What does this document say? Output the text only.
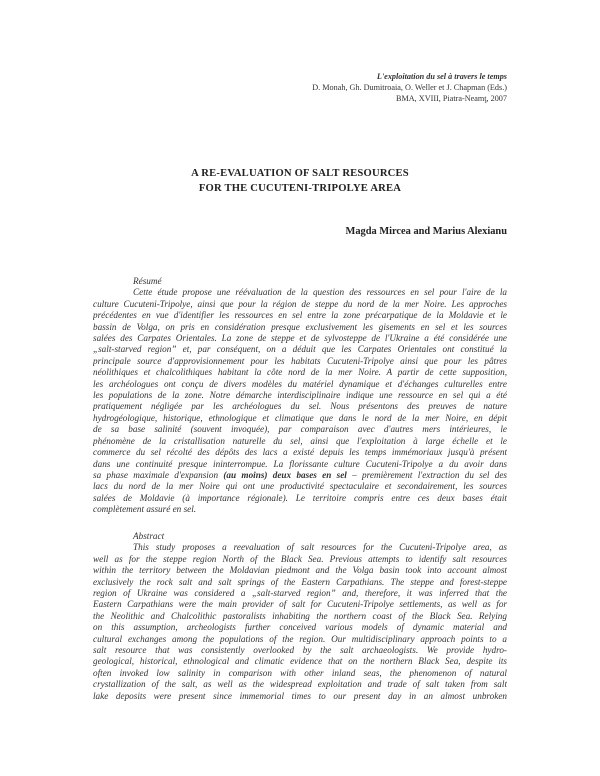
L'exploitation du sel à travers le temps
D. Monah, Gh. Dumitroaia, O. Weller et J. Chapman (Eds.)
BMA, XVIII, Piatra-Neamţ, 2007
A RE-EVALUATION OF SALT RESOURCES
FOR THE CUCUTENI-TRIPOLYE AREA
Magda Mircea and Marius Alexianu
Résumé
Cette étude propose une réévaluation de la question des ressources en sel pour l'aire de la
culture Cucuteni-Tripolye, ainsi que pour la région de steppe du nord de la mer Noire. Les approches
précédentes en vue d'identifier les ressources en sel entre la zone précarpatique de la Moldavie et le
bassin de Volga, on pris en considération presque exclusivement les gisements en sel et les sources
salées des Carpates Orientales. La zone de steppe et de sylvosteppe de l'Ukraine a été considérée une
„salt-starved region” et, par conséquent, on a déduit que les Carpates Orientales ont constitué la
principale source d'approvisionnement pour les habitats Cucuteni-Tripolye ainsi que pour les pâtres
néolithiques et chalcolithiques habitant la côte nord de la mer Noire. A partir de cette supposition,
les archéologues ont conçu de divers modèles du matériel dynamique et d'échanges culturelles entre
les populations de la zone. Notre démarche interdisciplinaire indique une ressource en sel qui a été
pratiquement négligée par les archéologues du sel. Nous présentons des preuves de nature
hydrogéologique, historique, ethnologique et climatique que dans le nord de la mer Noire, en dépit
de sa base salinité (souvent invoquée), par comparaison avec d'autres mers intérieures, le
phénomène de la cristallisation naturelle du sel, ainsi que l'exploitation à large échelle et le
commerce du sel récolté des dépôts des lacs a existé depuis les temps immémoriaux jusqu'à présent
dans une continuité presque ininterrompue. La florissante culture Cucuteni-Tripolye a du avoir dans
sa phase maximale d'expansion (au moins) deux bases en sel – premièrement l'extraction du sel des
lacs du nord de la mer Noire qui ont une productivité spectaculaire et secondairement, les sources
salées de Moldavie (à importance régionale). Le territoire compris entre ces deux bases était
complètement assuré en sel.
Abstract
This study proposes a reevaluation of salt resources for the Cucuteni-Tripolye area, as
well as for the steppe region North of the Black Sea. Previous attempts to identify salt resources
within the territory between the Moldavian piedmont and the Volga basin took into account almost
exclusively the rock salt and salt springs of the Eastern Carpathians. The steppe and forest-steppe
region of Ukraine was considered a „salt-starved region” and, therefore, it was inferred that the
Eastern Carpathians were the main provider of salt for Cucuteni-Tripolye settlements, as well as for
the Neolithic and Chalcolithic pastoralists inhabiting the northern coast of the Black Sea. Relying
on this assumption, archeologists further conceived various models of dynamic material and
cultural exchanges among the populations of the region. Our multidisciplinary approach points to a
salt resource that was consistently overlooked by the salt archaeologists. We provide hydro-
geological, historical, ethnological and climatic evidence that on the northern Black Sea, despite its
often invoked low salinity in comparison with other inland seas, the phenomenon of natural
crystallization of the salt, as well as the widespread exploitation and trade of salt taken from salt
lake deposits were present since immemorial times to our present day in an almost unbroken
